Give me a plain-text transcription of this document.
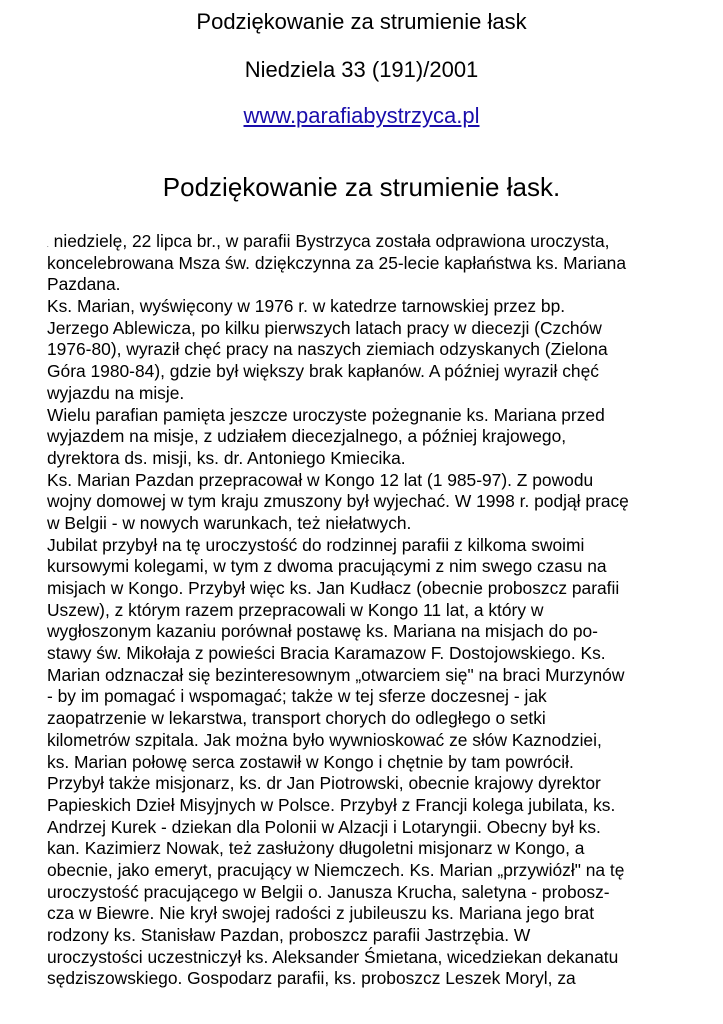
Podziękowanie za strumienie łask
Niedziela 33 (191)/2001
www.parafiabystrzyca.pl
Podziękowanie za strumienie łask.
. niedzielę, 22 lipca br., w parafii Bystrzyca została odprawiona uroczysta,
koncelebrowana Msza św. dziękczynna za 25-lecie kapłaństwa ks. Mariana
Pazdana.
Ks. Marian, wyświęcony w 1976 r. w katedrze tarnowskiej przez bp.
Jerzego Ablewicza, po kilku pierwszych latach pracy w diecezji (Czchów
1976-80), wyraził chęć pracy na naszych ziemiach odzyskanych (Zielona
Góra 1980-84), gdzie był większy brak kapłanów. A później wyraził chęć
wyjazdu na misje.
Wielu parafian pamięta jeszcze uroczyste pożegnanie ks. Mariana przed
wyjazdem na misje, z udziałem diecezjalnego, a później krajowego,
dyrektora ds. misji, ks. dr. Antoniego Kmiecika.
Ks. Marian Pazdan przepracował w Kongo 12 lat (1 985-97). Z powodu
wojny domowej w tym kraju zmuszony był wyjechać. W 1998 r. podjął pracę
w Belgii - w nowych warunkach, też niełatwych.
Jubilat przybył na tę uroczystość do rodzinnej parafii z kilkoma swoimi
kursowymi kolegami, w tym z dwoma pracującymi z nim swego czasu na
misjach w Kongo. Przybył więc ks. Jan Kudłacz (obecnie proboszcz parafii
Uszew), z którym razem przepracowali w Kongo 11 lat, a który w
wygłoszonym kazaniu porównał postawę ks. Mariana na misjach do po-
stawy św. Mikołaja z powieści Bracia Karamazow F. Dostojowskiego. Ks.
Marian odznaczał się bezinteresownym „otwarciem się" na braci Murzynów
- by im pomagać i wspomagać; także w tej sferze doczesnej - jak
zaopatrzenie w lekarstwa, transport chorych do odległego o setki
kilometrów szpitala. Jak można było wywnioskować ze słów Kaznodziei,
ks. Marian połowę serca zostawił w Kongo i chętnie by tam powrócił.
Przybył także misjonarz, ks. dr Jan Piotrowski, obecnie krajowy dyrektor
Papieskich Dzieł Misyjnych w Polsce. Przybył z Francji kolega jubilata, ks.
Andrzej Kurek - dziekan dla Polonii w Alzacji i Lotaryngii. Obecny był ks.
kan. Kazimierz Nowak, też zasłużony długoletni misjonarz w Kongo, a
obecnie, jako emeryt, pracujący w Niemczech. Ks. Marian „przywiózł" na tę
uroczystość pracującego w Belgii o. Janusza Krucha, saletyna - probosz-
cza w Biewre. Nie krył swojej radości z jubileuszu ks. Mariana jego brat
rodzony ks. Stanisław Pazdan, proboszcz parafii Jastrzębia. W
uroczystości uczestniczył ks. Aleksander Śmietana, wicedziekan dekanatu
sędziszowskiego. Gospodarz parafii, ks. proboszcz Leszek Moryl, za
